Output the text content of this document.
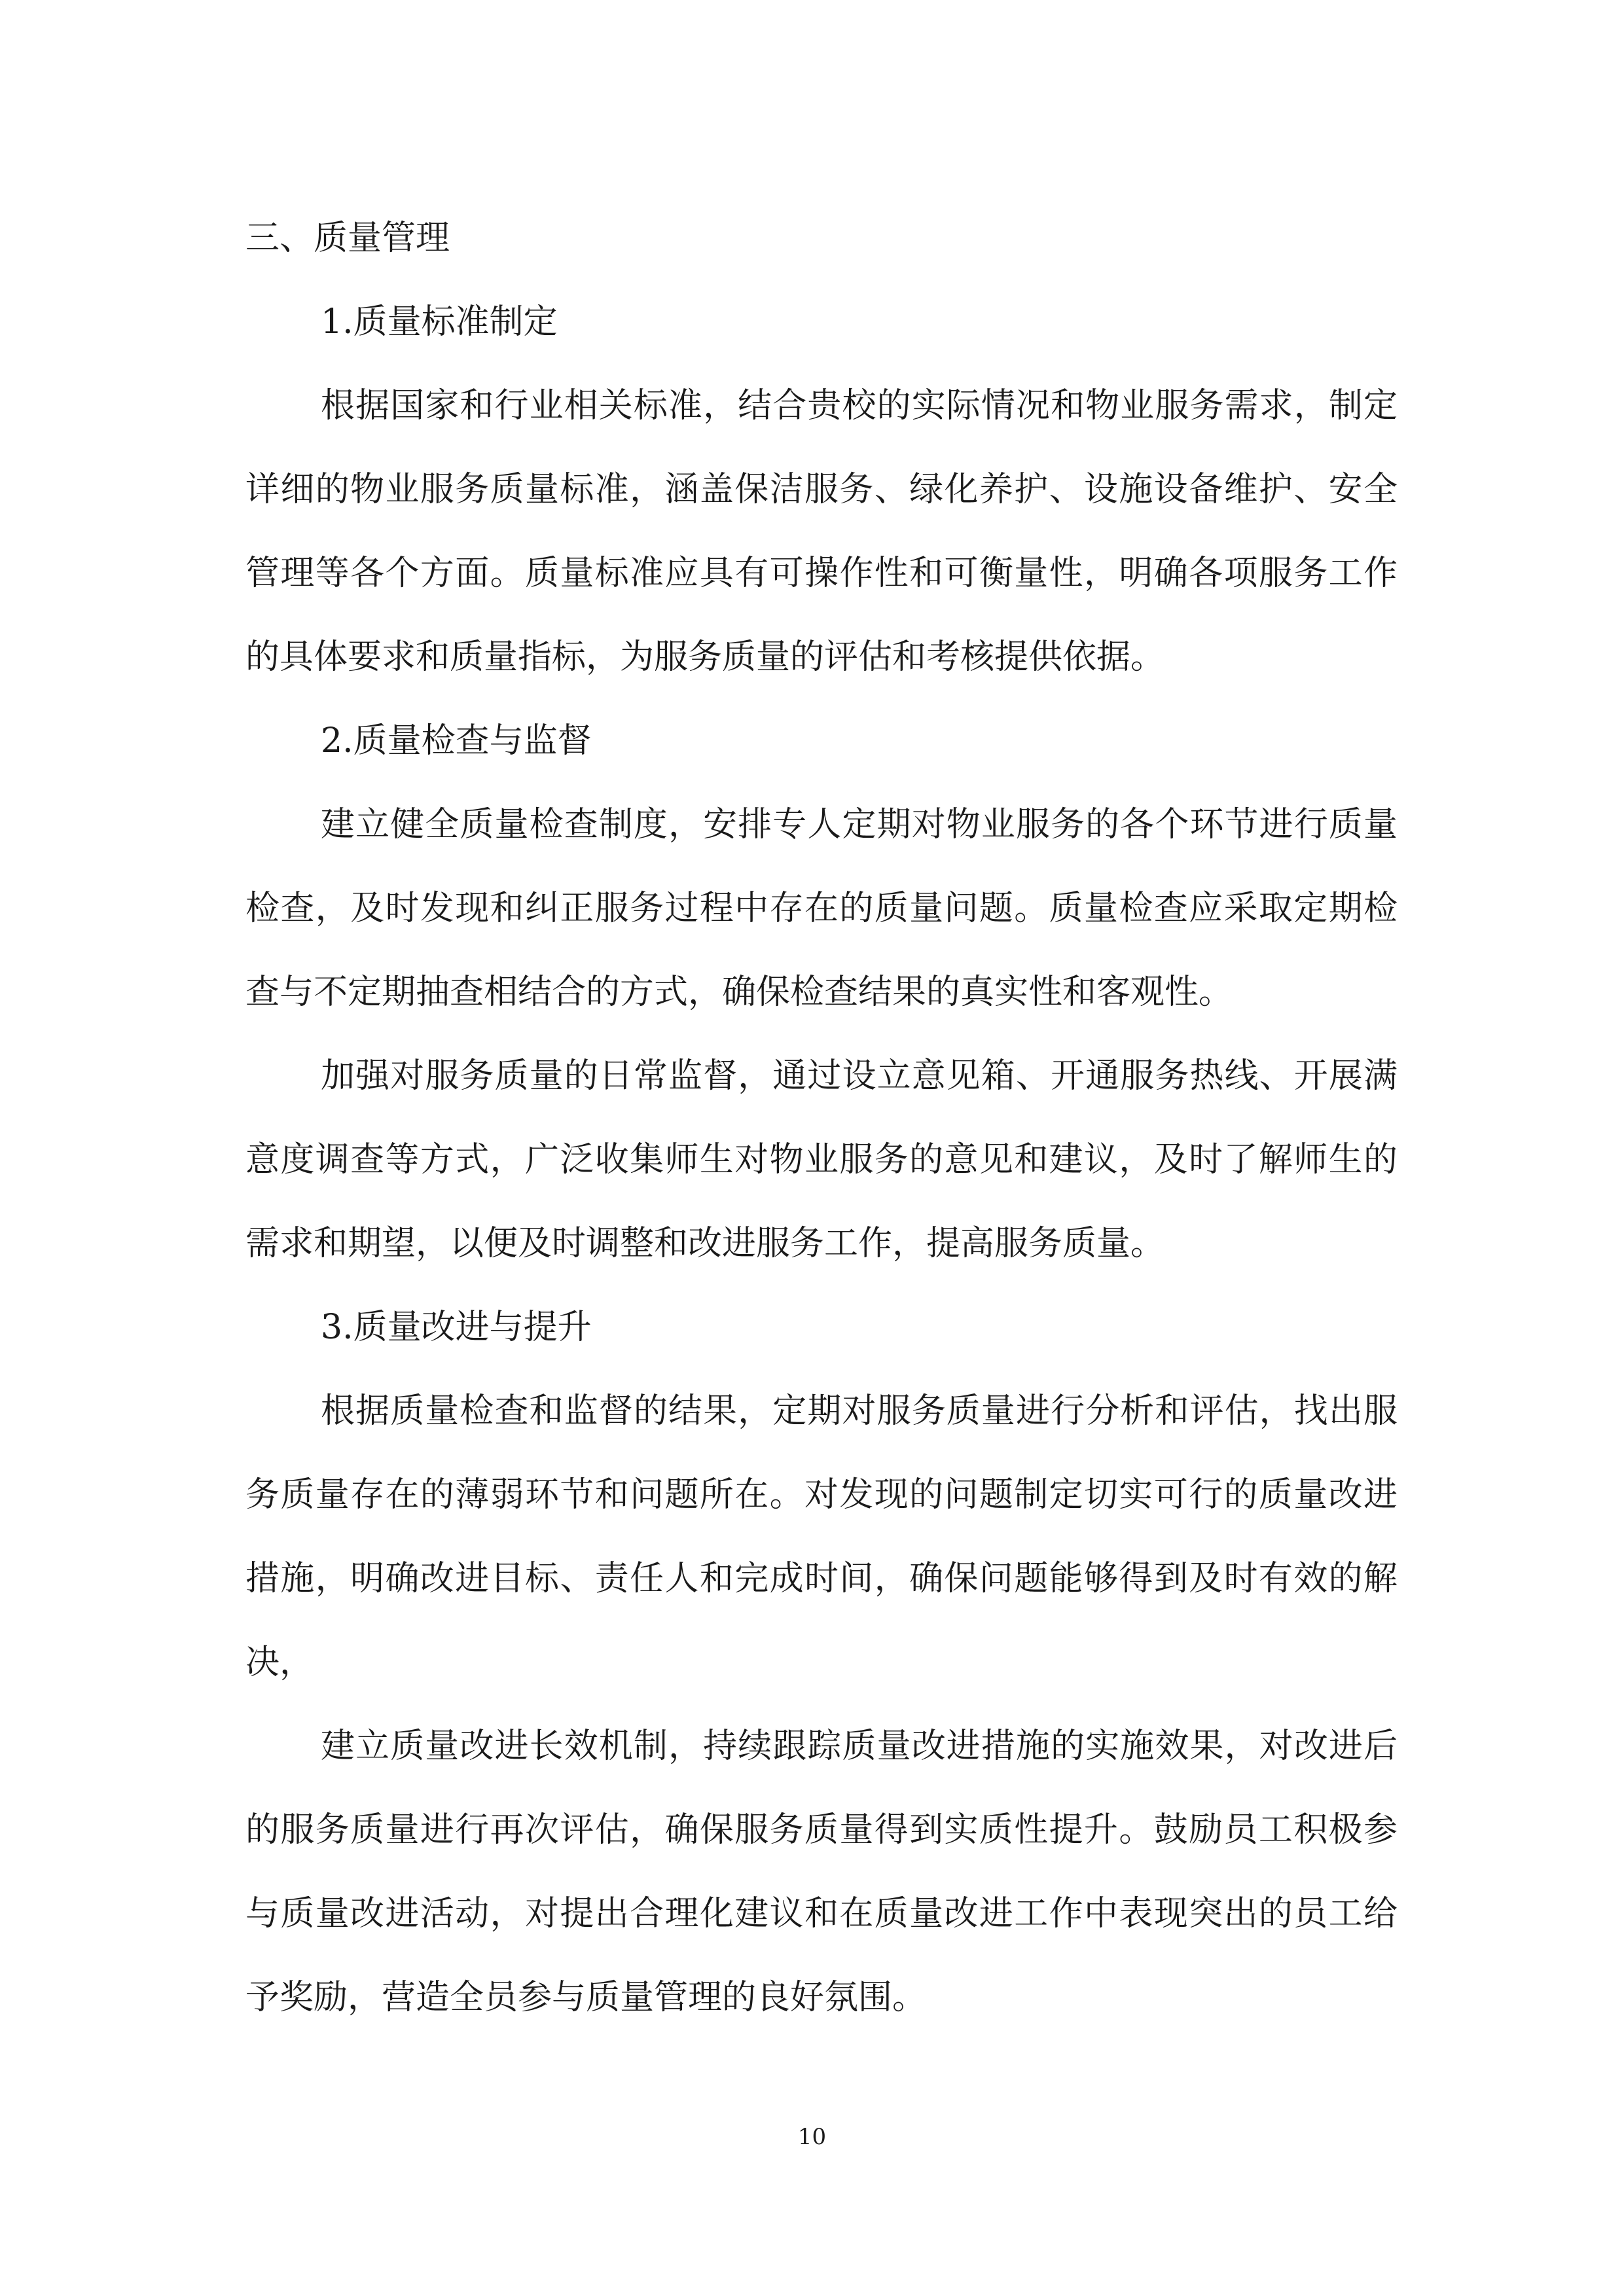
三、质量管理
1.质量标准制定

根据国家和行业相关标准，结合贵校的实际情况和物业服务需求，制定详细的物业服务质量标准，涵盖保洁服务、绿化养护、设施设备维护、安全管理等各个方面。质量标准应具有可操作性和可衡量性，明确各项服务工作的具体要求和质量指标，为服务质量的评估和考核提供依据。

2.质量检查与监督

建立健全质量检查制度，安排专人定期对物业服务的各个环节进行质量检查，及时发现和纠正服务过程中存在的质量问题。质量检查应采取定期检查与不定期抽查相结合的方式，确保检查结果的真实性和客观性。

加强对服务质量的日常监督，通过设立意见箱、开通服务热线、开展满意度调查等方式，广泛收集师生对物业服务的意见和建议，及时了解师生的需求和期望，以便及时调整和改进服务工作，提高服务质量。

3.质量改进与提升

根据质量检查和监督的结果，定期对服务质量进行分析和评估，找出服务质量存在的薄弱环节和问题所在。对发现的问题制定切实可行的质量改进措施，明确改进目标、责任人和完成时间，确保问题能够得到及时有效的解决，

建立质量改进长效机制，持续跟踪质量改进措施的实施效果，对改进后的服务质量进行再次评估，确保服务质量得到实质性提升。鼓励员工积极参与质量改进活动，对提出合理化建议和在质量改进工作中表现突出的员工给予奖励，营造全员参与质量管理的良好氛围。

10
